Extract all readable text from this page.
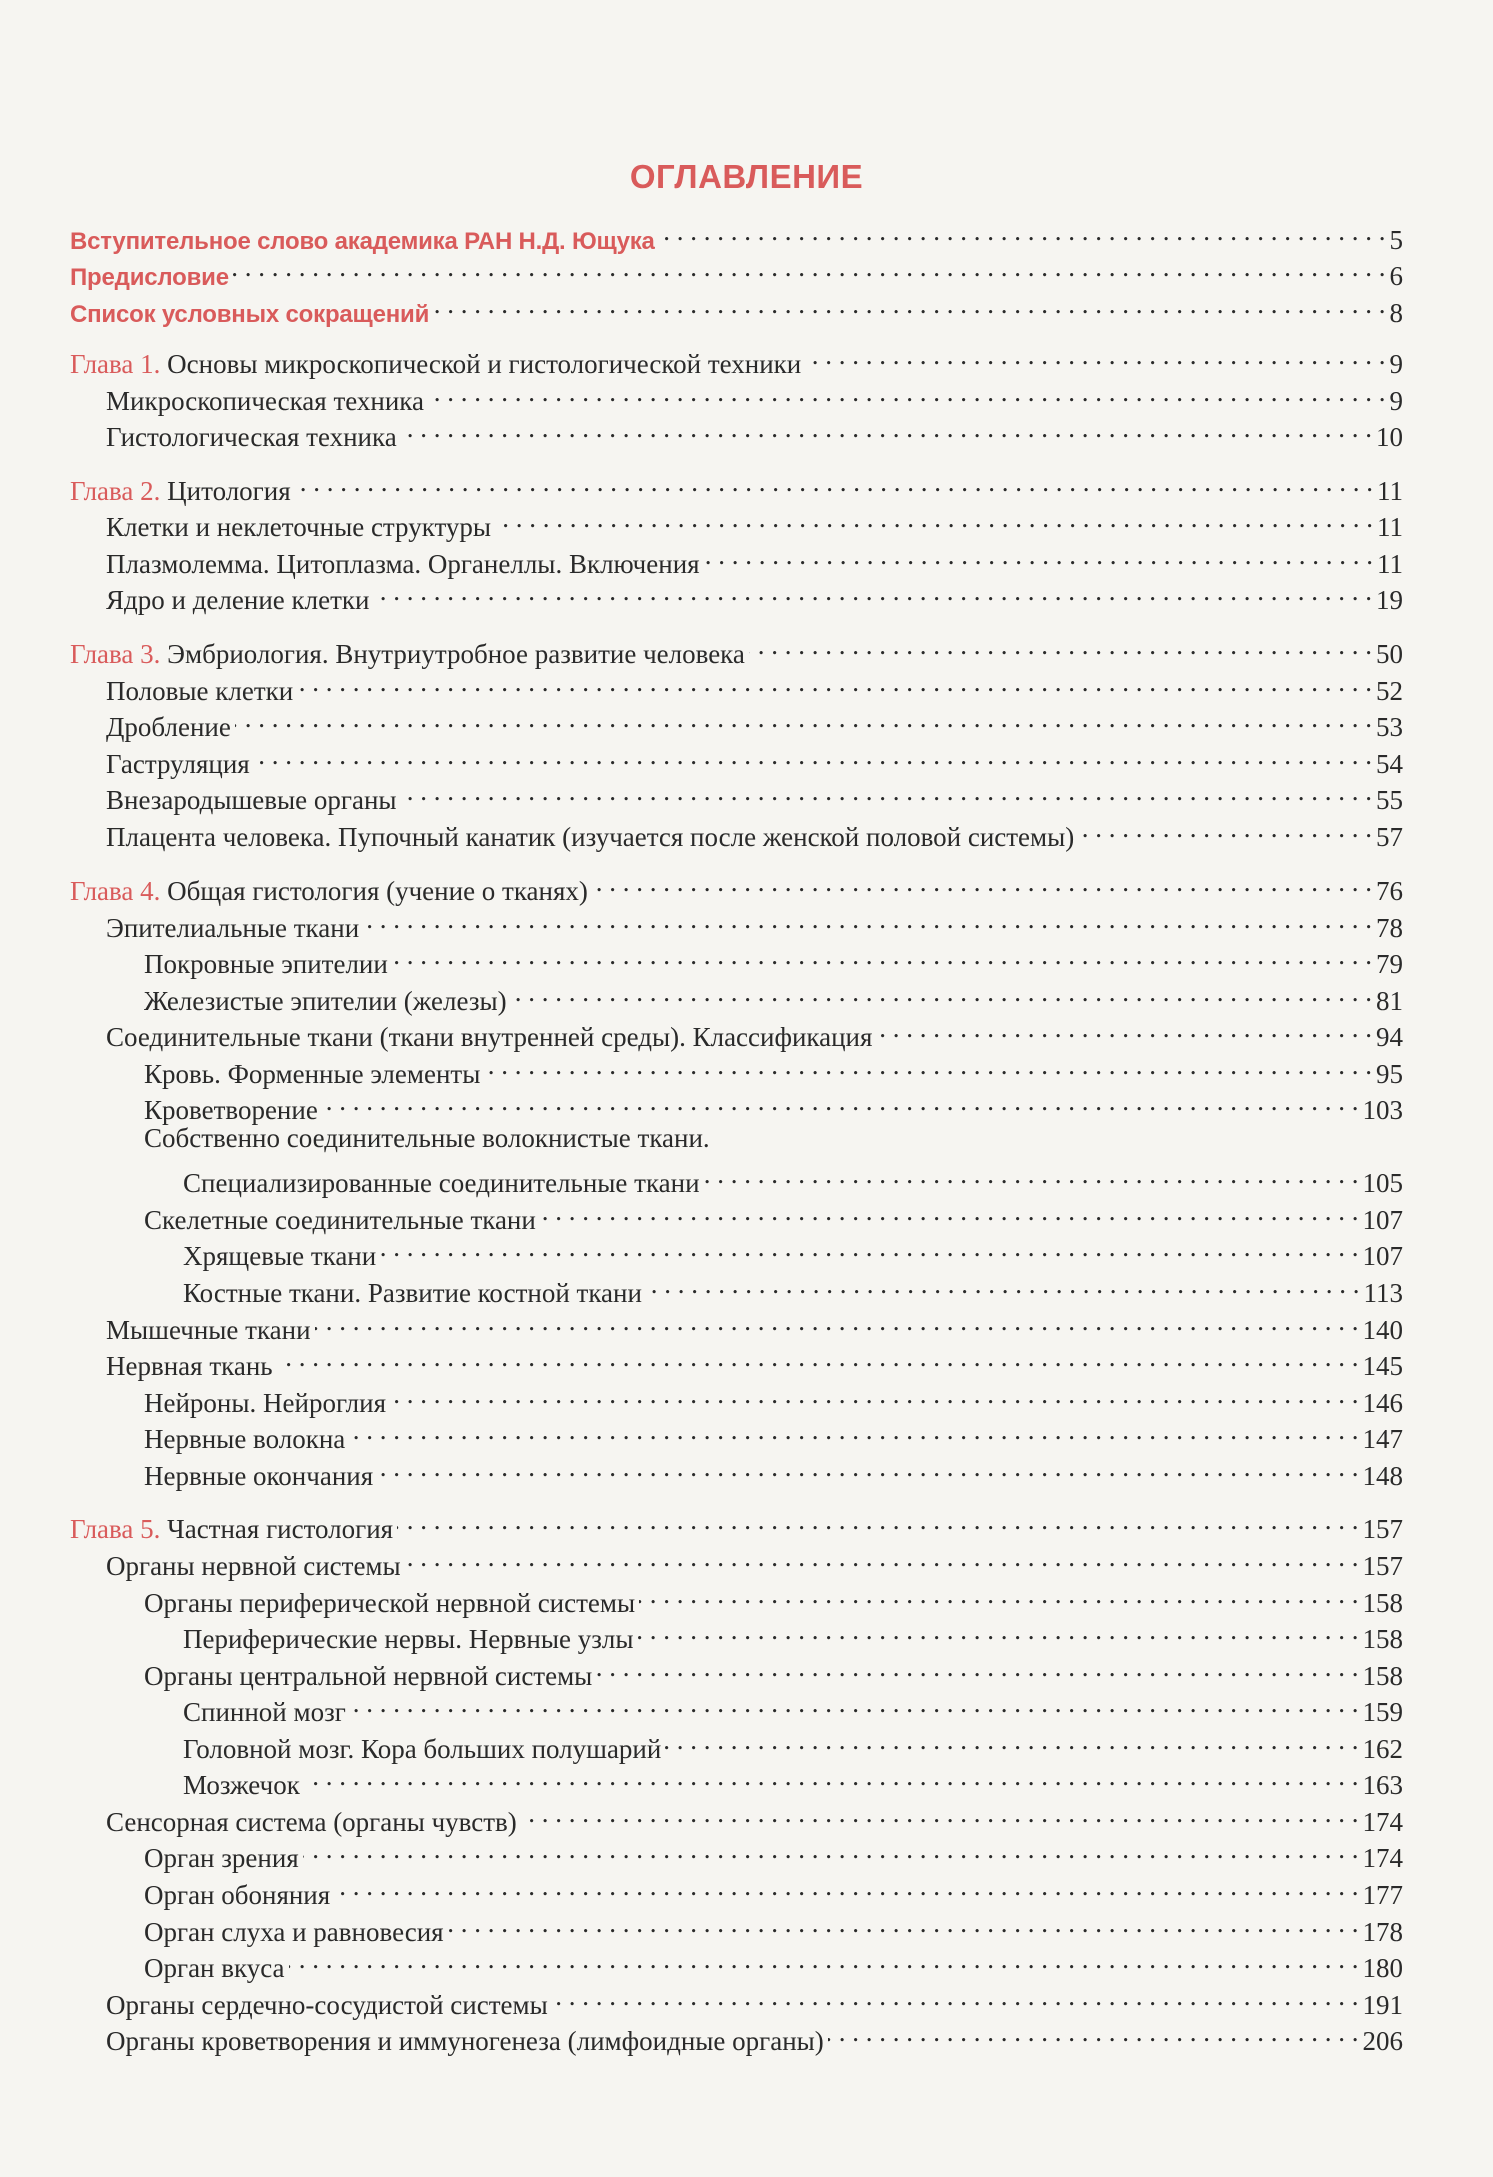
ОГЛАВЛЕНИЕ
Вступительное слово академика РАН Н.Д. Ющука . . .	5
Предисловие . . .	6
Список условных сокращений . . .	8
Глава 1. Основы микроскопической и гистологической техники . . .	9
Микроскопическая техника . . .	9
Гистологическая техника . . .	10
Глава 2. Цитология . . .	11
Клетки и неклеточные структуры . . .	11
Плазмолемма. Цитоплазма. Органеллы. Включения . . .	11
Ядро и деление клетки . . .	19
Глава 3. Эмбриология. Внутриутробное развитие человека . . .	50
Половые клетки . . .	52
Дробление . . .	53
Гаструляция . . .	54
Внезародышевые органы . . .	55
Плацента человека. Пупочный канатик (изучается после женской половой системы) . . .	57
Глава 4. Общая гистология (учение о тканях) . . .	76
Эпителиальные ткани . . .	78
Покровные эпителии . . .	79
Железистые эпителии (железы) . . .	81
Соединительные ткани (ткани внутренней среды). Классификация . . .	94
Кровь. Форменные элементы . . .	95
Кроветворение . . .	103
Собственно соединительные волокнистые ткани.
Специализированные соединительные ткани . . .	105
Скелетные соединительные ткани . . .	107
Хрящевые ткани . . .	107
Костные ткани. Развитие костной ткани . . .	113
Мышечные ткани . . .	140
Нервная ткань . . .	145
Нейроны. Нейроглия . . .	146
Нервные волокна . . .	147
Нервные окончания . . .	148
Глава 5. Частная гистология . . .	157
Органы нервной системы . . .	157
Органы периферической нервной системы . . .	158
Периферические нервы. Нервные узлы . . .	158
Органы центральной нервной системы . . .	158
Спинной мозг . . .	159
Головной мозг. Кора больших полушарий . . .	162
Мозжечок . . .	163
Сенсорная система (органы чувств) . . .	174
Орган зрения . . .	174
Орган обоняния . . .	177
Орган слуха и равновесия . . .	178
Орган вкуса . . .	180
Органы сердечно-сосудистой системы . . .	191
Органы кроветворения и иммуногенеза (лимфоидные органы) . . .	206
